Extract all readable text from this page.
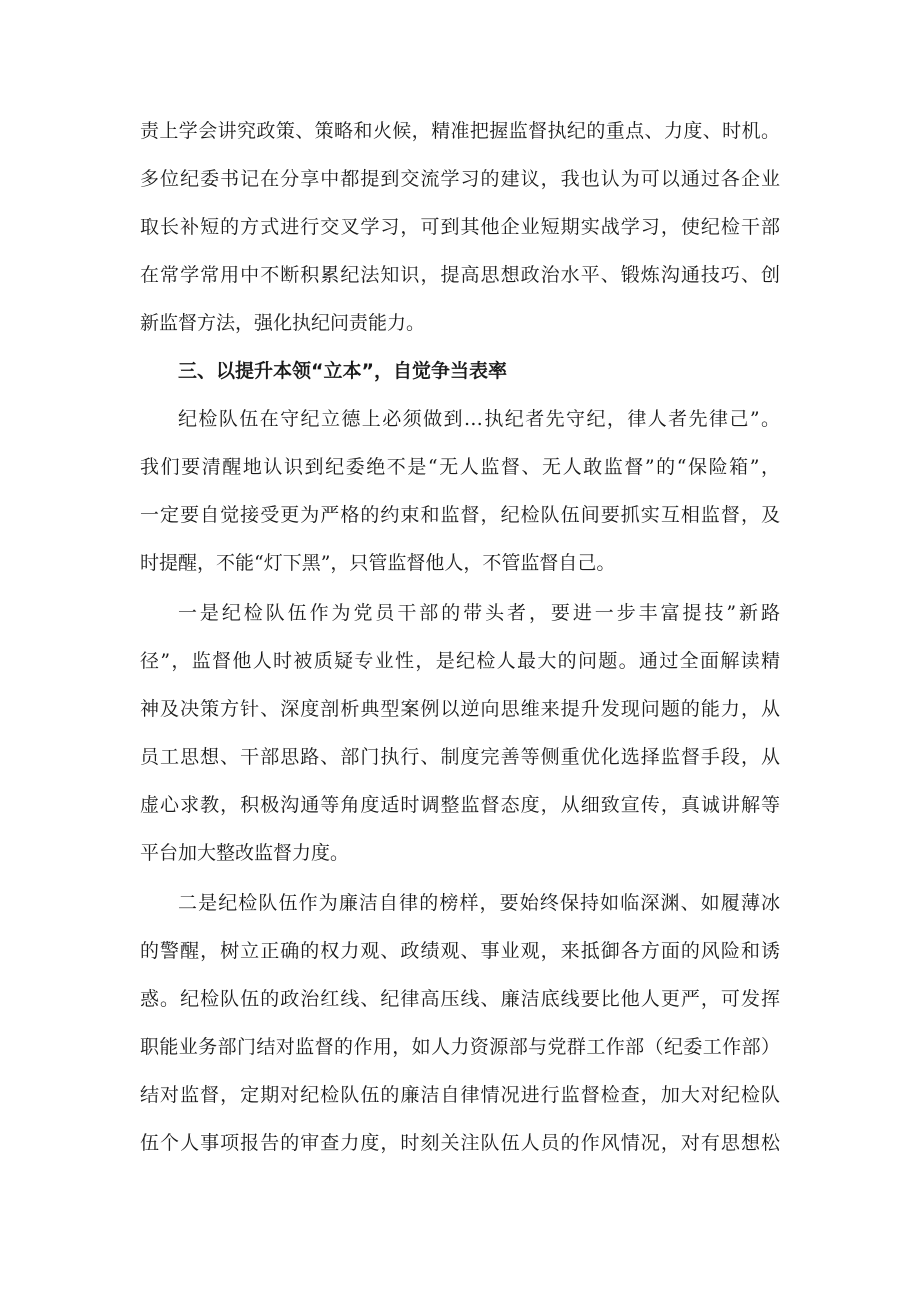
责上学会讲究政策、策略和火候，精准把握监督执纪的重点、力度、时机。
多位纪委书记在分享中都提到交流学习的建议，我也认为可以通过各企业
取长补短的方式进行交叉学习，可到其他企业短期实战学习，使纪检干部
在常学常用中不断积累纪法知识，提高思想政治水平、锻炼沟通技巧、创
新监督方法，强化执纪问责能力。
三、以提升本领“立本”，自觉争当表率
纪检队伍在守纪立德上必须做到…执纪者先守纪，律人者先律己”。
我们要清醒地认识到纪委绝不是“无人监督、无人敢监督”的“保险箱”，
一定要自觉接受更为严格的约束和监督，纪检队伍间要抓实互相监督，及
时提醒，不能“灯下黑”，只管监督他人，不管监督自己。
一是纪检队伍作为党员干部的带头者，要进一步丰富提技”新路
径”，监督他人时被质疑专业性，是纪检人最大的问题。通过全面解读精
神及决策方针、深度剖析典型案例以逆向思维来提升发现问题的能力，从
员工思想、干部思路、部门执行、制度完善等侧重优化选择监督手段，从
虚心求教，积极沟通等角度适时调整监督态度，从细致宣传，真诚讲解等
平台加大整改监督力度。
二是纪检队伍作为廉洁自律的榜样，要始终保持如临深渊、如履薄冰
的警醒，树立正确的权力观、政绩观、事业观，来抵御各方面的风险和诱
惑。纪检队伍的政治红线、纪律高压线、廉洁底线要比他人更严，可发挥
职能业务部门结对监督的作用，如人力资源部与党群工作部（纪委工作部）
结对监督，定期对纪检队伍的廉洁自律情况进行监督检查，加大对纪检队
伍个人事项报告的审查力度，时刻关注队伍人员的作风情况，对有思想松
